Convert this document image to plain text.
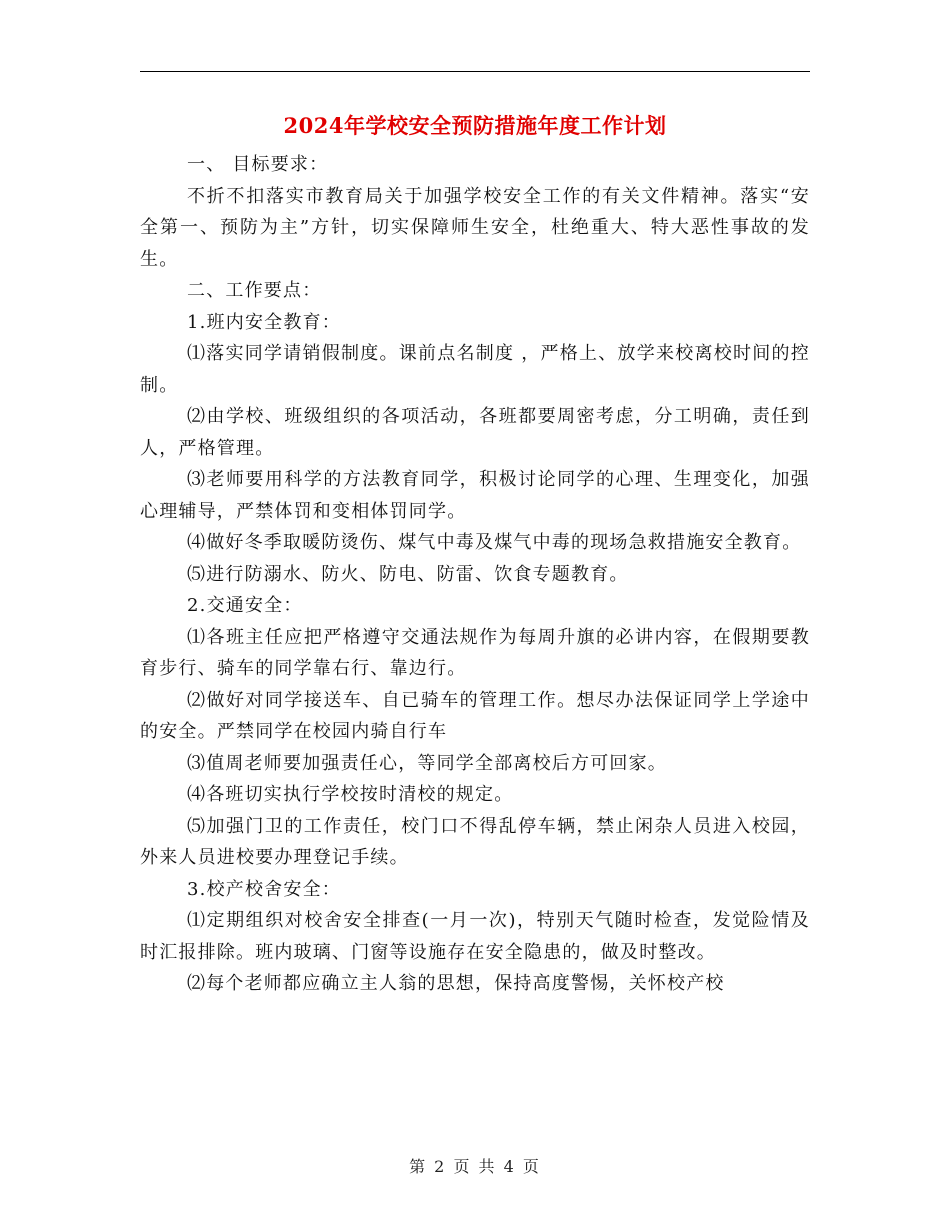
2024年学校安全预防措施年度工作计划

一、 目标要求：

不折不扣落实市教育局关于加强学校安全工作的有关文件精神。落实“安全第一、预防为主”方针，切实保障师生安全，杜绝重大、特大恶性事故的发生。

二、工作要点：

1.班内安全教育：

⑴落实同学请销假制度。课前点名制度 ，严格上、放学来校离校时间的控制。

⑵由学校、班级组织的各项活动，各班都要周密考虑，分工明确，责任到人，严格管理。

⑶老师要用科学的方法教育同学，积极讨论同学的心理、生理变化，加强心理辅导，严禁体罚和变相体罚同学。

⑷做好冬季取暖防烫伤、煤气中毒及煤气中毒的现场急救措施安全教育。

⑸进行防溺水、防火、防电、防雷、饮食专题教育。

2.交通安全：

⑴各班主任应把严格遵守交通法规作为每周升旗的必讲内容，在假期要教育步行、骑车的同学靠右行、靠边行。

⑵做好对同学接送车、自已骑车的管理工作。想尽办法保证同学上学途中的安全。严禁同学在校园内骑自行车

⑶值周老师要加强责任心，等同学全部离校后方可回家。

⑷各班切实执行学校按时清校的规定。

⑸加强门卫的工作责任，校门口不得乱停车辆，禁止闲杂人员进入校园，外来人员进校要办理登记手续。

3.校产校舍安全：

⑴定期组织对校舍安全排查(一月一次)，特别天气随时检查，发觉险情及时汇报排除。班内玻璃、门窗等设施存在安全隐患的，做及时整改。

⑵每个老师都应确立主人翁的思想，保持高度警惕，关怀校产校

第 2 页 共 4 页
